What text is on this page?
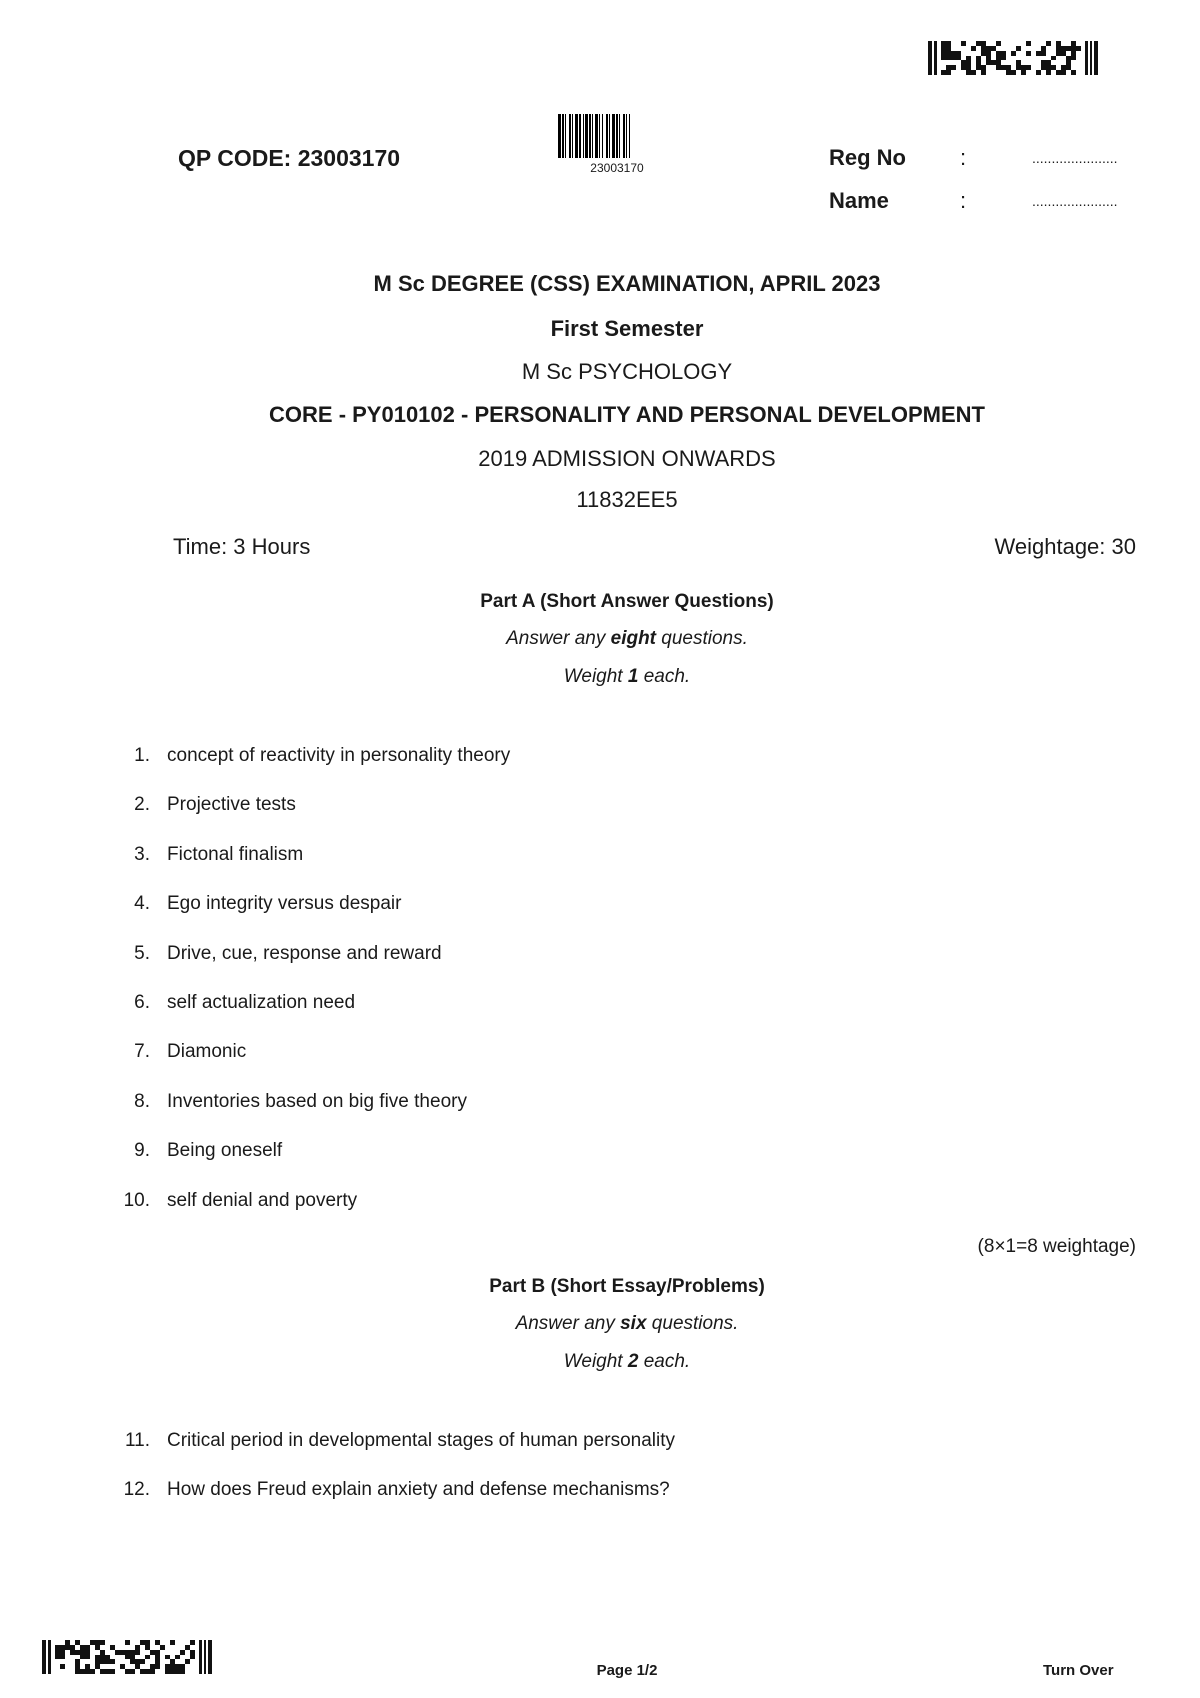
QP CODE: 23003170	23003170	Reg No :	......................
Name	:	......................
M Sc DEGREE (CSS) EXAMINATION, APRIL 2023
First Semester
M Sc PSYCHOLOGY
CORE - PY010102 - PERSONALITY AND PERSONAL DEVELOPMENT
2019 ADMISSION ONWARDS
11832EE5
Time: 3 Hours	Weightage: 30
Part A (Short Answer Questions)
Answer any eight questions.
Weight 1 each.
1. concept of reactivity in personality theory
2. Projective tests
3. Fictonal finalism
4. Ego integrity versus despair
5. Drive, cue, response and reward
6. self actualization need
7. Diamonic
8. Inventories based on big five theory
9. Being oneself
10. self denial and poverty
(8×1=8 weightage)
Part B (Short Essay/Problems)
Answer any six questions.
Weight 2 each.
11. Critical period in developmental stages of human personality
12. How does Freud explain anxiety and defense mechanisms?
Page 1/2	Turn Over
